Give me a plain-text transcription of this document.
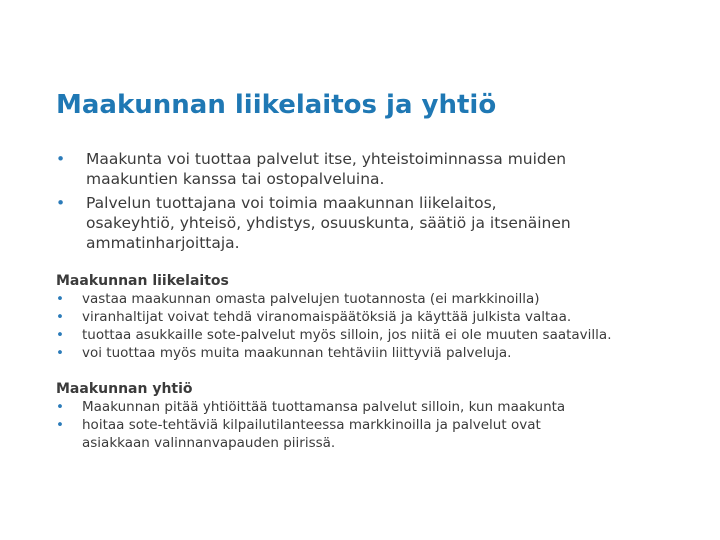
Maakunnan liikelaitos ja yhtiö
• Maakunta voi tuottaa palvelut itse, yhteistoiminnassa muiden maakuntien kanssa tai ostopalveluina.
• Palvelun tuottajana voi toimia maakunnan liikelaitos, osakeyhtiö, yhteisö, yhdistys, osuuskunta, säätiö ja itsenäinen ammatinharjoittaja.
Maakunnan liikelaitos
• vastaa maakunnan omasta palvelujen tuotannosta (ei markkinoilla)
• viranhaltijat voivat tehdä viranomaispäätöksiä ja käyttää julkista valtaa.
• tuottaa asukkaille sote-palvelut myös silloin, jos niitä ei ole muuten saatavilla.
• voi tuottaa myös muita maakunnan tehtäviin liittyviä palveluja.
Maakunnan yhtiö
• Maakunnan pitää yhtiöittää tuottamansa palvelut silloin, kun maakunta
• hoitaa sote-tehtäviä kilpailutilanteessa markkinoilla ja palvelut ovat asiakkaan valinnanvapauden piirissä.
